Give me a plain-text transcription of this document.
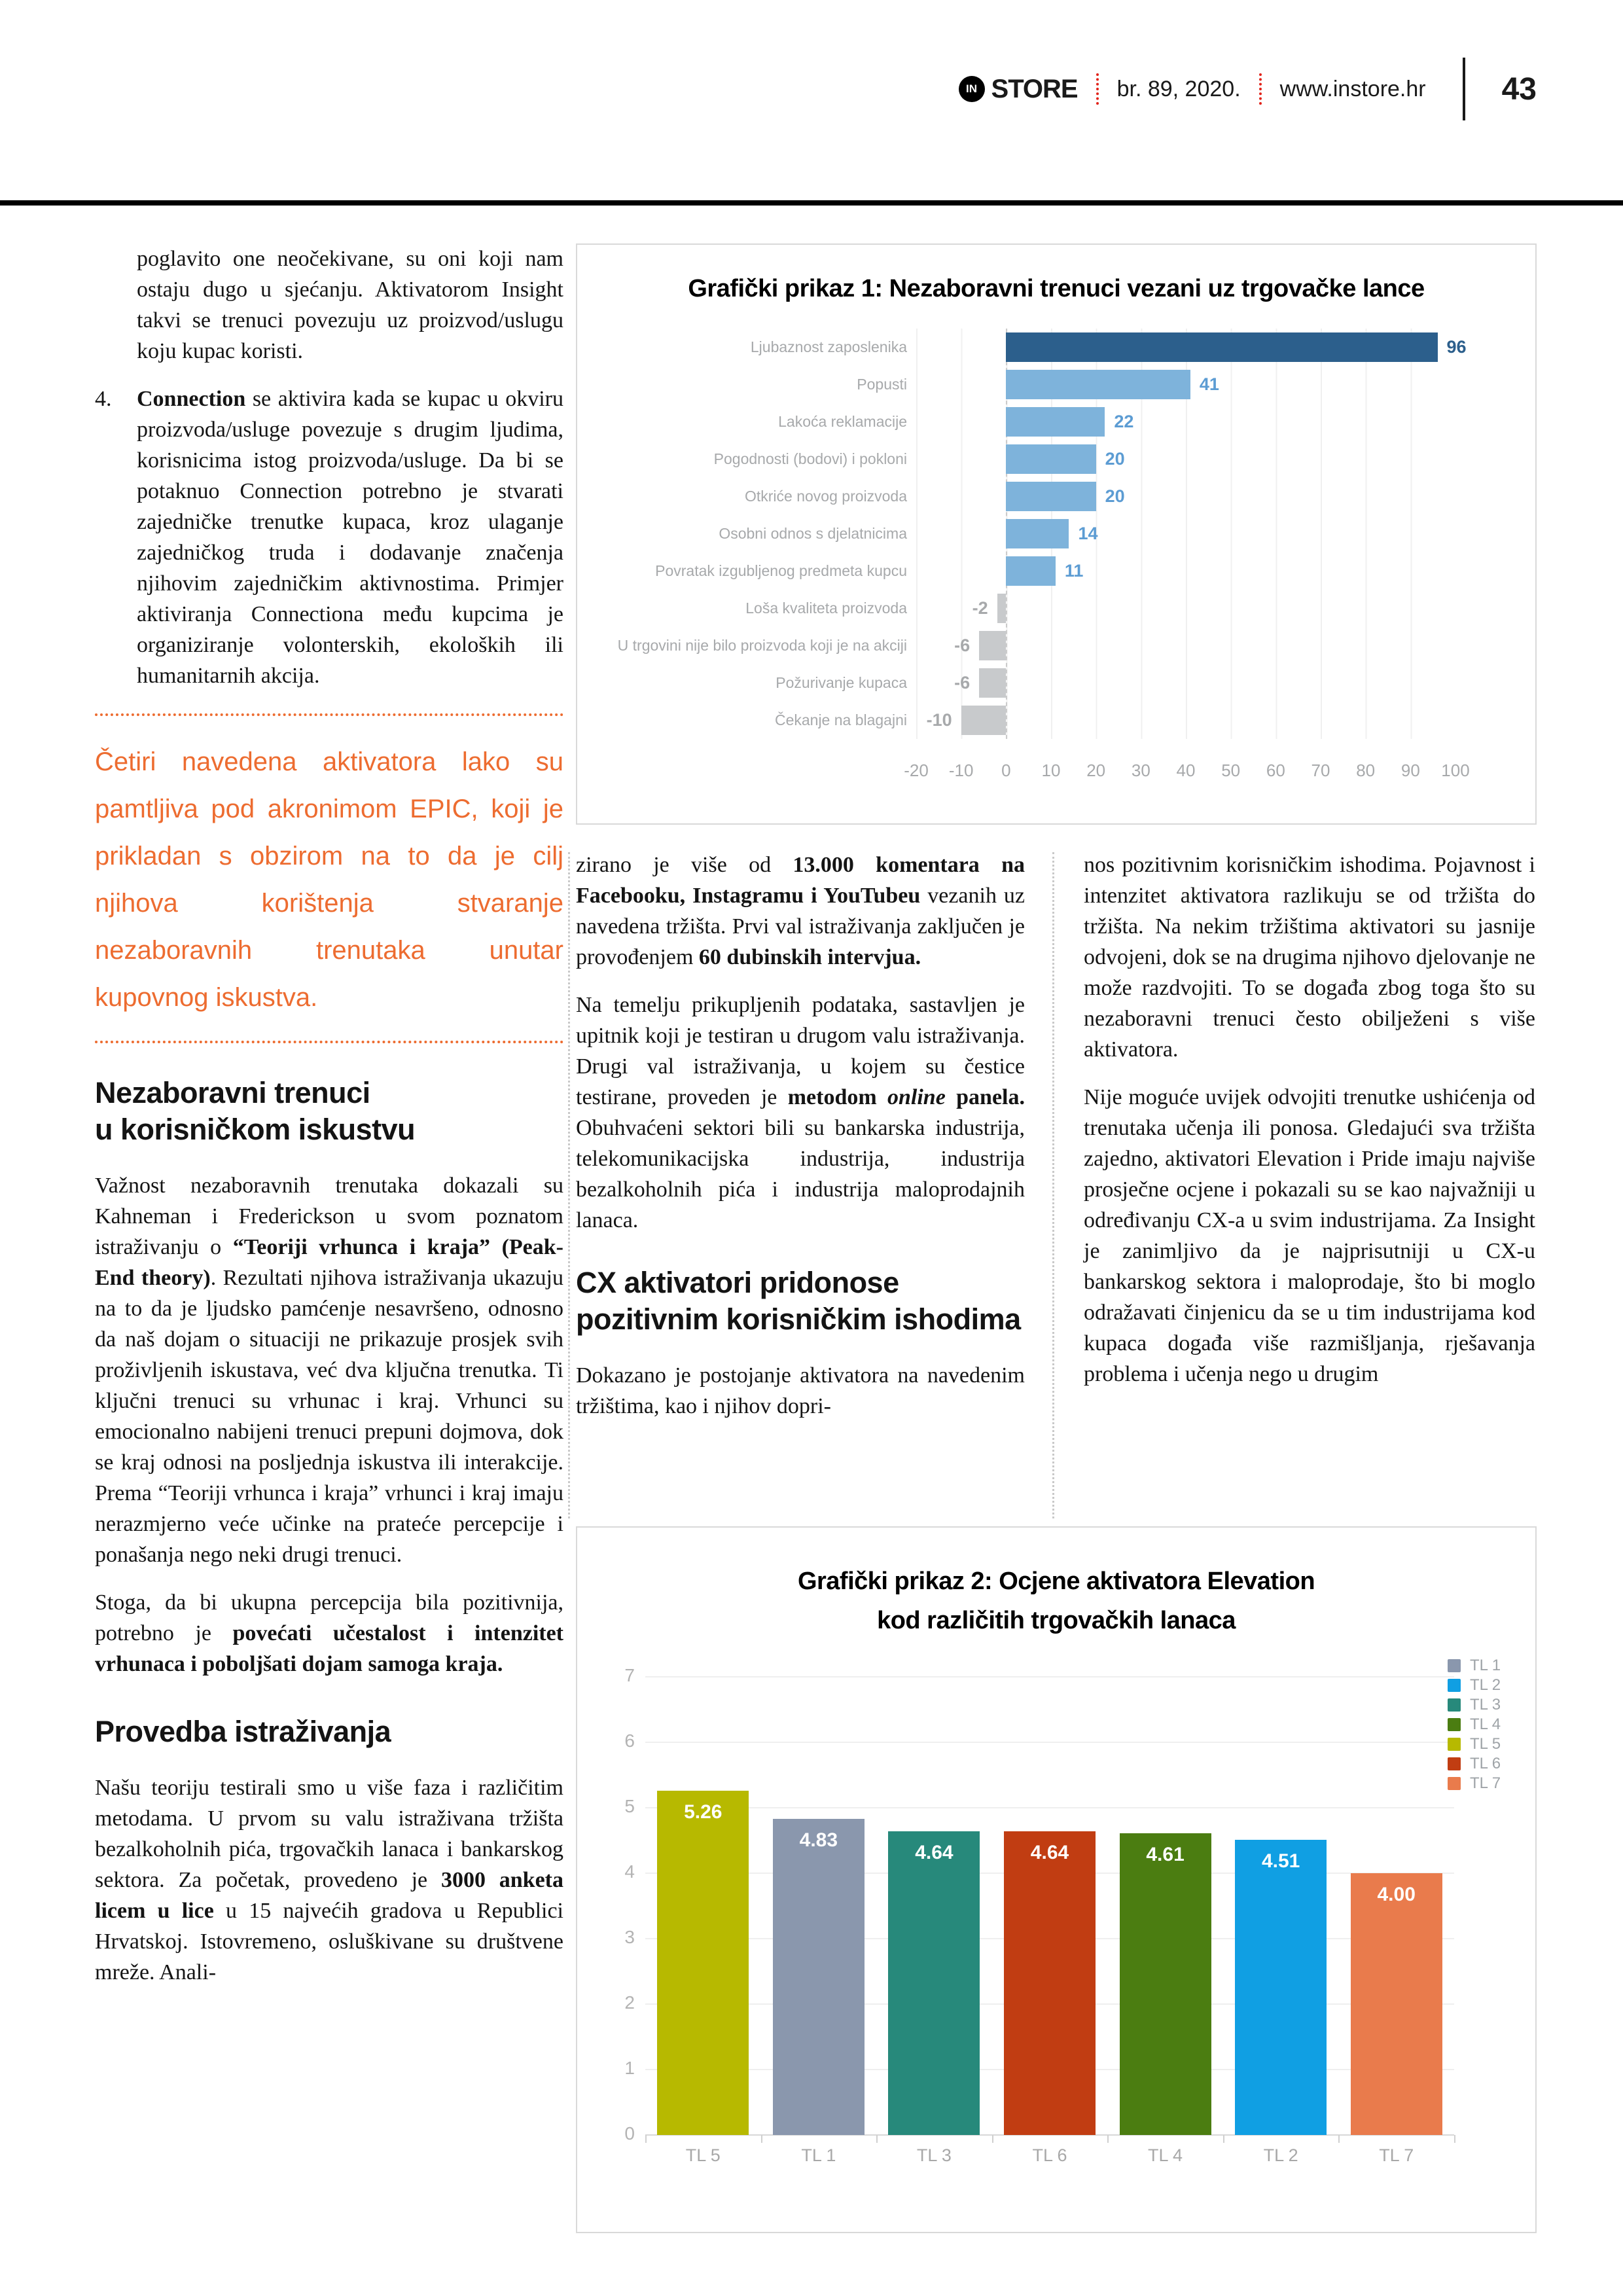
IN STORE br. 89, 2020. www.instore.hr 43

poglavito one neočekivane, su oni koji nam ostaju dugo u sjećanju. Aktivatorom Insight takvi se trenuci povezuju uz proizvod/uslugu koju kupac koristi.

4. Connection se aktivira kada se kupac u okviru proizvoda/usluge povezuje s drugim ljudima, korisnicima istog proizvoda/usluge. Da bi se potaknuo Connection potrebno je stvarati zajedničke trenutke kupaca, kroz ulaganje zajedničkog truda i dodavanje značenja njihovim zajedničkim aktivnostima. Primjer aktiviranja Connectiona među kupcima je organiziranje volonterskih, ekoloških ili humanitarnih akcija.

Četiri navedena aktivatora lako su pamtljiva pod akronimom EPIC, koji je prikladan s obzirom na to da je cilj njihova korištenja stvaranje nezaboravnih trenutaka unutar kupovnog iskustva.
Nezaboravni trenuci
u korisničkom iskustvu

Važnost nezaboravnih trenutaka dokazali su Kahneman i Frederickson u svom poznatom istraživanju o “Teoriji vrhunca i kraja” (Peak-End theory). Rezultati njihova istraživanja ukazuju na to da je ljudsko pamćenje nesavršeno, odnosno da naš dojam o situaciji ne prikazuje prosjek svih proživljenih iskustava, već dva ključna trenutka. Ti ključni trenuci su vrhunac i kraj. Vrhunci su emocionalno nabijeni trenuci prepuni dojmova, dok se kraj odnosi na posljednja iskustva ili interakcije. Prema “Teoriji vrhunca i kraja” vrhunci i kraj imaju nerazmjerno veće učinke na prateće percepcije i ponašanja nego neki drugi trenuci.

Stoga, da bi ukupna percepcija bila pozitivnija, potrebno je povećati učestalost i intenzitet vrhunaca i poboljšati dojam samoga kraja.

Provedba istraživanja

Našu teoriju testirali smo u više faza i različitim metodama. U prvom su valu istraživana tržišta bezalkoholnih pića, trgovačkih lanaca i bankarskog sektora. Za početak, provedeno je 3000 anketa licem u lice u 15 najvećih gradova u Republici Hrvatskoj. Istovremeno, osluškivane su društvene mreže. Anali-

Grafički prikaz 1: Nezaboravni trenuci vezani uz trgovačke lance
Ljubaznost zaposlenika	96
Popusti	41
Lakoća reklamacije	22
Pogodnosti (bodovi) i pokloni	20
Otkriće novog proizvoda	20
Osobni odnos s djelatnicima	14
Povratak izgubljenog predmeta kupcu	11
Loša kvaliteta proizvoda	-2
U trgovini nije bilo proizvoda koji je na akciji	-6
Požurivanje kupaca	-6
Čekanje na blagajni	-10
-20 -10 0 10 20 30 40 50 60 70 80 90 100

zirano je više od 13.000 komentara na Facebooku, Instagramu i YouTubeu vezanih uz navedena tržišta. Prvi val istraživanja zaključen je provođenjem 60 dubinskih intervjua.

Na temelju prikupljenih podataka, sastavljen je upitnik koji je testiran u drugom valu istraživanja. Drugi val istraživanja, u kojem su čestice testirane, proveden je metodom online panela. Obuhvaćeni sektori bili su bankarska industrija, telekomunikacijska industrija, industrija bezalkoholnih pića i industrija maloprodajnih lanaca.

CX aktivatori pridonose
pozitivnim korisničkim ishodima

Dokazano je postojanje aktivatora na navedenim tržištima, kao i njihov dopri-

nos pozitivnim korisničkim ishodima. Pojavnost i intenzitet aktivatora razlikuju se od tržišta do tržišta. Na nekim tržištima aktivatori su jasnije odvojeni, dok se na drugima njihovo djelovanje ne može razdvojiti. To se događa zbog toga što su nezaboravni trenuci često obilježeni s više aktivatora.

Nije moguće uvijek odvojiti trenutke ushićenja od trenutaka učenja ili ponosa. Gledajući sva tržišta zajedno, aktivatori Elevation i Pride imaju najviše prosječne ocjene i pokazali su se kao najvažniji u određivanju CX-a u svim industrijama. Za Insight je zanimljivo da je najprisutniji u CX-u bankarskog sektora i maloprodaje, što bi moglo odražavati činjenicu da se u tim industrijama kod kupaca događa više razmišljanja, rješavanja problema i učenja nego u drugim

Grafički prikaz 2: Ocjene aktivatora Elevation
kod različitih trgovačkih lanaca
0
1
2
3
4
5
6
7
5.26
TL 5
4.83
TL 1
4.64
TL 3
4.64
TL 6
4.61
TL 4
4.51
TL 2
4.00
TL 7
TL 1
TL 2
TL 3
TL 4
TL 5
TL 6
TL 7
